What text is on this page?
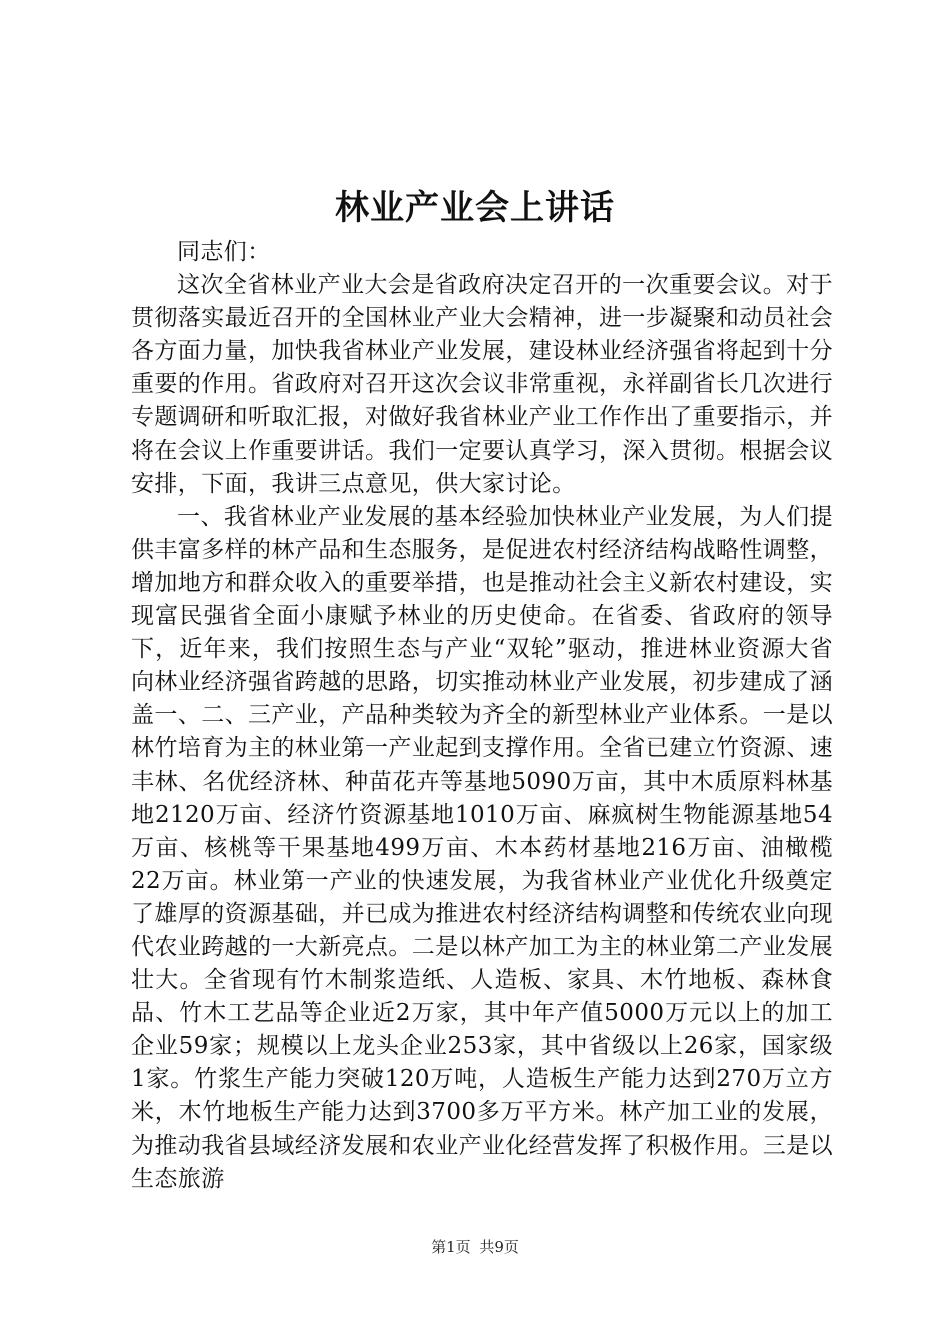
林业产业会上讲话

同志们：

这次全省林业产业大会是省政府决定召开的一次重要会议。对于贯彻落实最近召开的全国林业产业大会精神，进一步凝聚和动员社会各方面力量，加快我省林业产业发展，建设林业经济强省将起到十分重要的作用。省政府对召开这次会议非常重视，永祥副省长几次进行专题调研和听取汇报，对做好我省林业产业工作作出了重要指示，并将在会议上作重要讲话。我们一定要认真学习，深入贯彻。根据会议安排，下面，我讲三点意见，供大家讨论。

一、我省林业产业发展的基本经验加快林业产业发展，为人们提供丰富多样的林产品和生态服务，是促进农村经济结构战略性调整，增加地方和群众收入的重要举措，也是推动社会主义新农村建设，实现富民强省全面小康赋予林业的历史使命。在省委、省政府的领导下，近年来，我们按照生态与产业“双轮”驱动，推进林业资源大省向林业经济强省跨越的思路，切实推动林业产业发展，初步建成了涵盖一、二、三产业，产品种类较为齐全的新型林业产业体系。一是以林竹培育为主的林业第一产业起到支撑作用。全省已建立竹资源、速丰林、名优经济林、种苗花卉等基地5090万亩，其中木质原料林基地2120万亩、经济竹资源基地1010万亩、麻疯树生物能源基地54万亩、核桃等干果基地499万亩、木本药材基地216万亩、油橄榄22万亩。林业第一产业的快速发展，为我省林业产业优化升级奠定了雄厚的资源基础，并已成为推进农村经济结构调整和传统农业向现代农业跨越的一大新亮点。二是以林产加工为主的林业第二产业发展壮大。全省现有竹木制浆造纸、人造板、家具、木竹地板、森林食品、竹木工艺品等企业近2万家，其中年产值5000万元以上的加工企业59家；规模以上龙头企业253家，其中省级以上26家，国家级1家。竹浆生产能力突破120万吨，人造板生产能力达到270万立方米，木竹地板生产能力达到3700多万平方米。林产加工业的发展，为推动我省县域经济发展和农业产业化经营发挥了积极作用。三是以生态旅游

第1页 共9页
